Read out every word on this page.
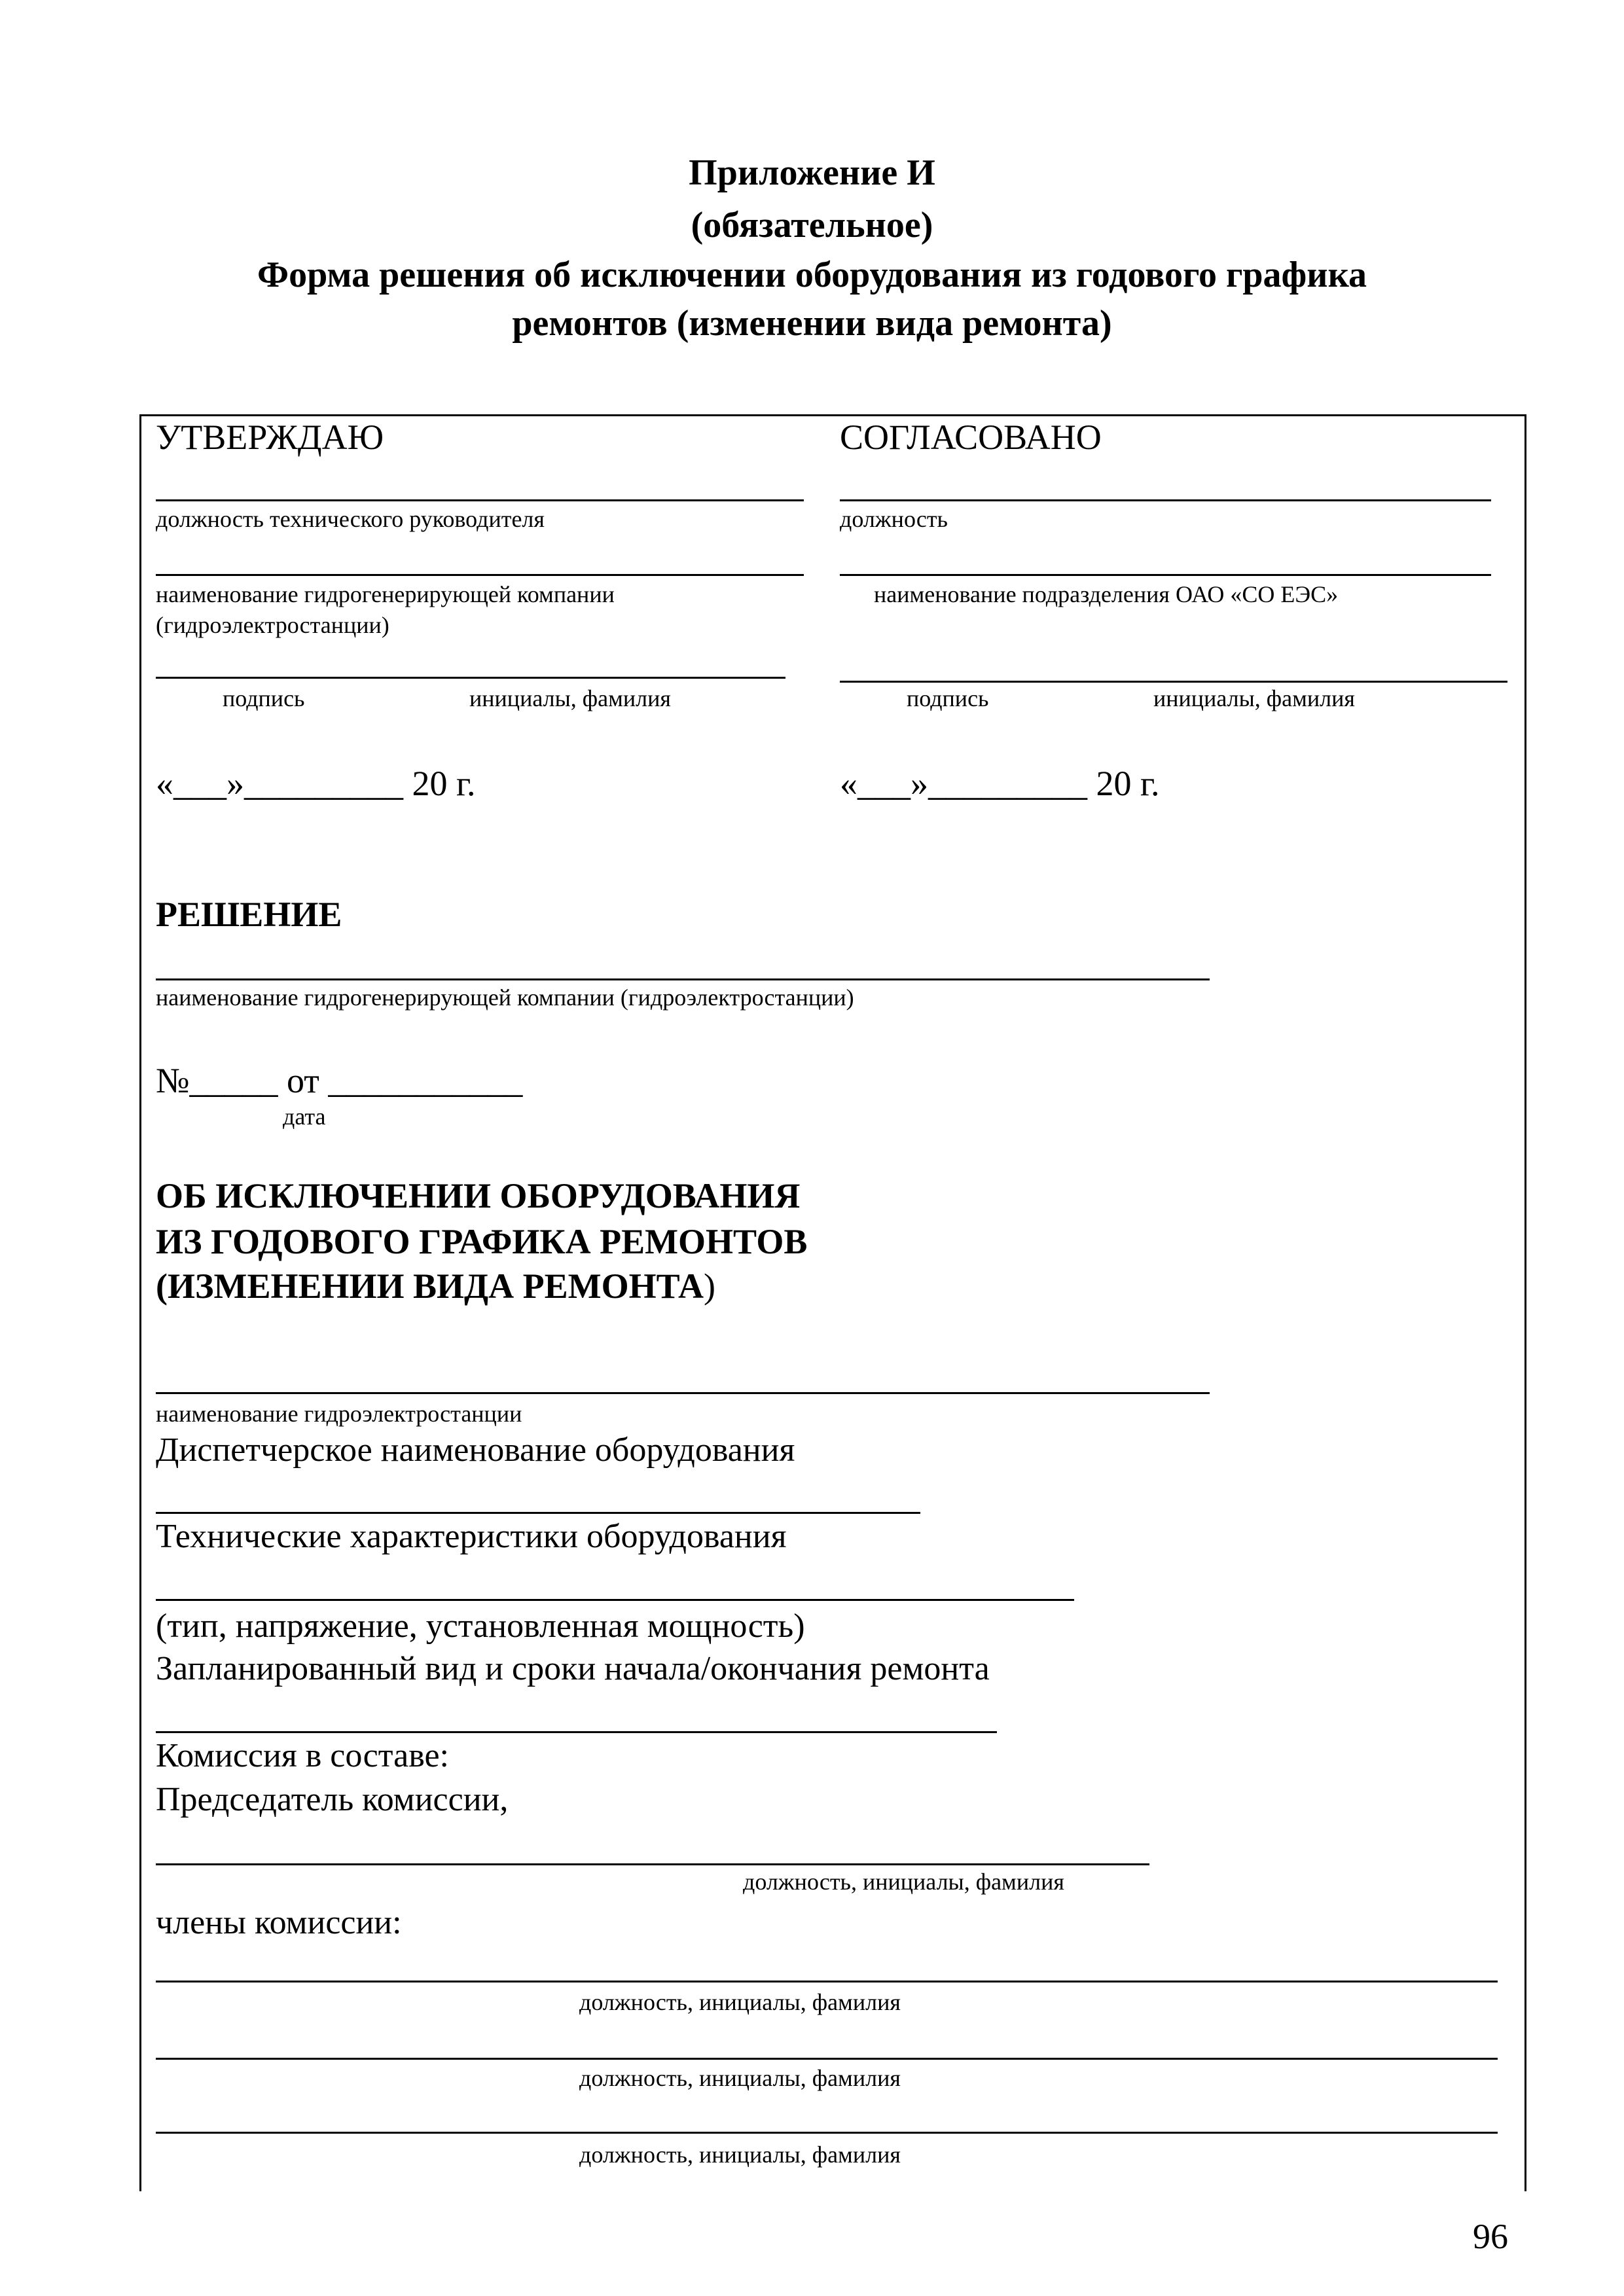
Приложение И
(обязательное)
Форма решения об исключении оборудования из годового графика
ремонтов (изменении вида ремонта)
УТВЕРЖДАЮ
должность технического руководителя
наименование гидрогенерирующей компании
(гидроэлектростанции)
подпись	инициалы, фамилия
«___»_________ 20 г.
СОГЛАСОВАНО
должность
наименование подразделения ОАО «СО ЕЭС»
подпись	инициалы, фамилия
«___»_________ 20 г.
РЕШЕНИЕ
наименование гидрогенерирующей компании (гидроэлектростанции)
№_____ от ___________
дата
ОБ ИСКЛЮЧЕНИИ ОБОРУДОВАНИЯ
ИЗ ГОДОВОГО ГРАФИКА РЕМОНТОВ
(ИЗМЕНЕНИИ ВИДА РЕМОНТА)
наименование гидроэлектростанции
Диспетчерское наименование оборудования
Технические характеристики оборудования
(тип, напряжение, установленная мощность)
Запланированный вид и сроки начала/окончания ремонта
Комиссия в составе:
Председатель комиссии,
должность, инициалы, фамилия
члены комиссии:
должность, инициалы, фамилия
должность, инициалы, фамилия
должность, инициалы, фамилия
96
